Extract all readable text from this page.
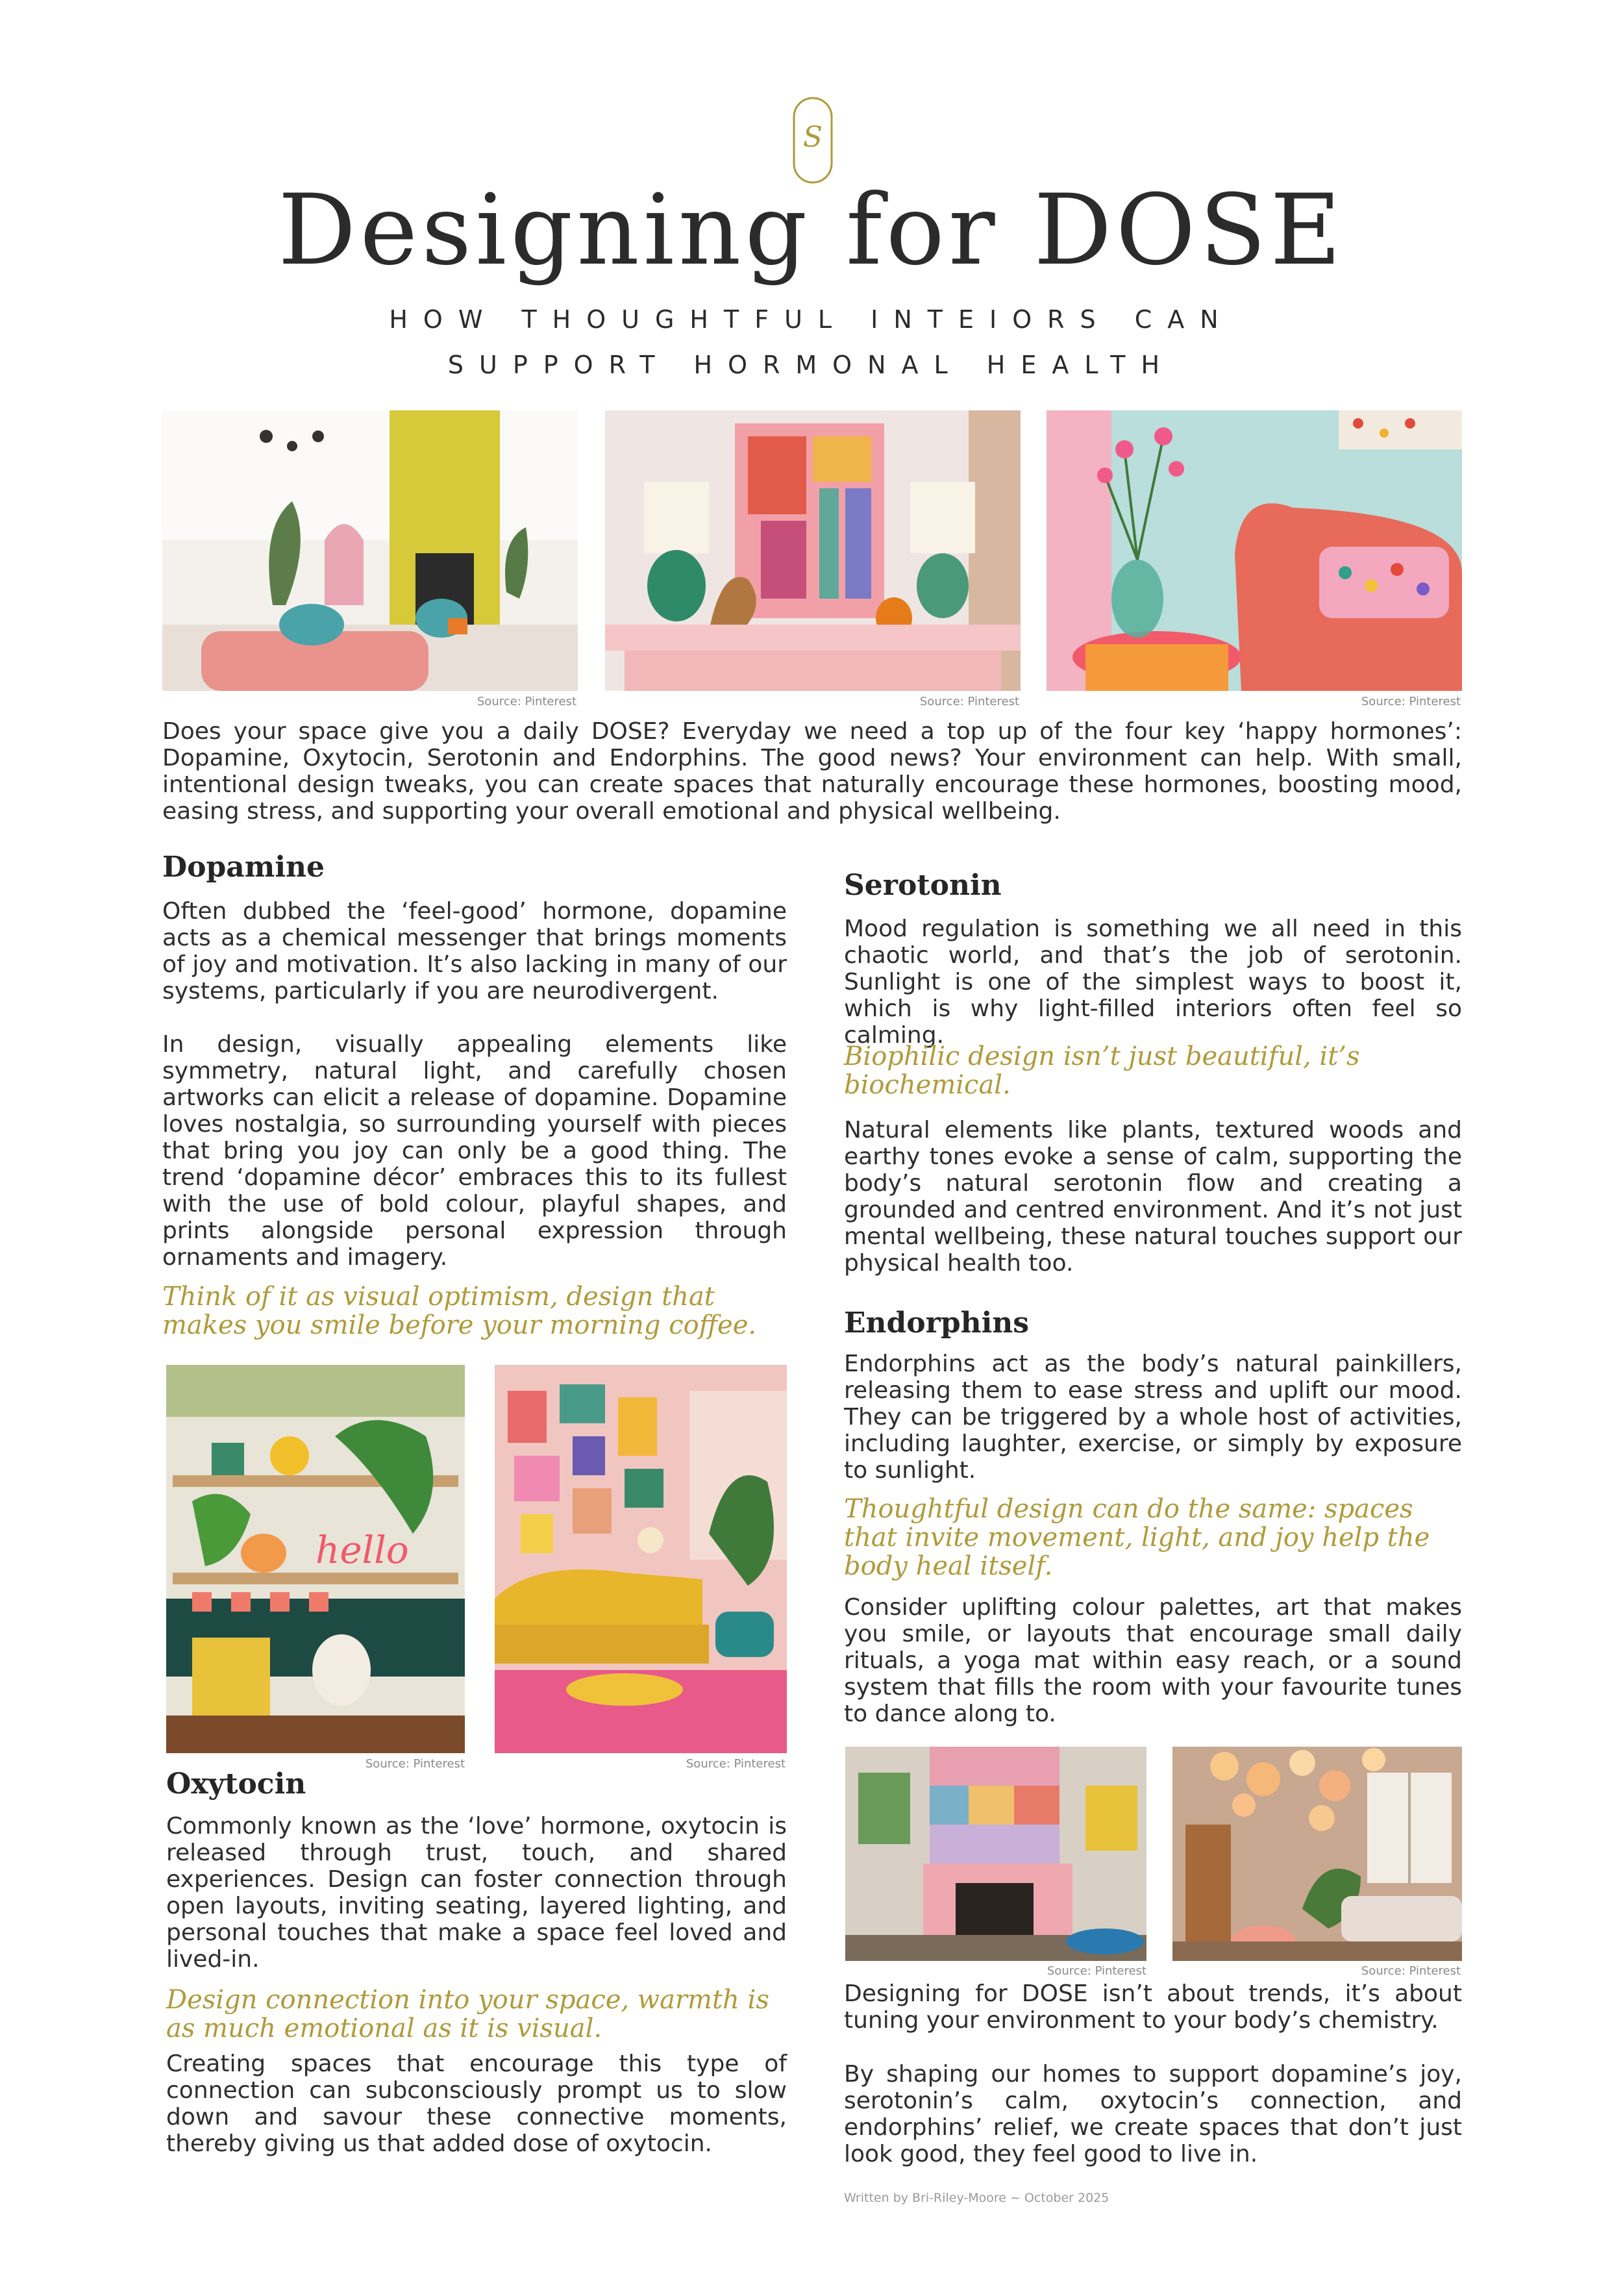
S
Designing for DOSE
HOW THOUGHTFUL INTEIORS CAN
SUPPORT HORMONAL HEALTH
Source: Pinterest	Source: Pinterest	Source: Pinterest

Does your space give you a daily DOSE? Everyday we need a top up of the four key ‘happy hormones’: Dopamine, Oxytocin, Serotonin and Endorphins. The good news? Your environment can help. With small, intentional design tweaks, you can create spaces that naturally encourage these hormones, boosting mood, easing stress, and supporting your overall emotional and physical wellbeing.

Dopamine

Often dubbed the ‘feel-good’ hormone, dopamine acts as a chemical messenger that brings moments of joy and motivation. It’s also lacking in many of our systems, particularly if you are neurodivergent.

In design, visually appealing elements like symmetry, natural light, and carefully chosen artworks can elicit a release of dopamine. Dopamine loves nostalgia, so surrounding yourself with pieces that bring you joy can only be a good thing. The trend ‘dopamine décor’ embraces this to its fullest with the use of bold colour, playful shapes, and prints alongside personal expression through ornaments and imagery.

Think of it as visual optimism, design that makes you smile before your morning coffee.

hello
Source: Pinterest	Source: Pinterest
Oxytocin

Commonly known as the ‘love’ hormone, oxytocin is released through trust, touch, and shared experiences. Design can foster connection through open layouts, inviting seating, layered lighting, and personal touches that make a space feel loved and lived-in.

Design connection into your space, warmth is as much emotional as it is visual.

Creating spaces that encourage this type of connection can subconsciously prompt us to slow down and savour these connective moments, thereby giving us that added dose of oxytocin.

Serotonin

Mood regulation is something we all need in this chaotic world, and that’s the job of serotonin. Sunlight is one of the simplest ways to boost it, which is why light-filled interiors often feel so calming.

Biophilic design isn’t just beautiful, it’s biochemical.

Natural elements like plants, textured woods and earthy tones evoke a sense of calm, supporting the body’s natural serotonin flow and creating a grounded and centred environment. And it’s not just mental wellbeing, these natural touches support our physical health too.

Endorphins

Endorphins act as the body’s natural painkillers, releasing them to ease stress and uplift our mood. They can be triggered by a whole host of activities, including laughter, exercise, or simply by exposure to sunlight.

Thoughtful design can do the same: spaces that invite movement, light, and joy help the body heal itself.

Consider uplifting colour palettes, art that makes you smile, or layouts that encourage small daily rituals, a yoga mat within easy reach, or a sound system that fills the room with your favourite tunes to dance along to.

Source: Pinterest	Source: Pinterest

Designing for DOSE isn’t about trends, it’s about tuning your environment to your body’s chemistry.

By shaping our homes to support dopamine’s joy, serotonin’s calm, oxytocin’s connection, and endorphins’ relief, we create spaces that don’t just look good, they feel good to live in.

Written by Bri-Riley-Moore ~ October 2025
